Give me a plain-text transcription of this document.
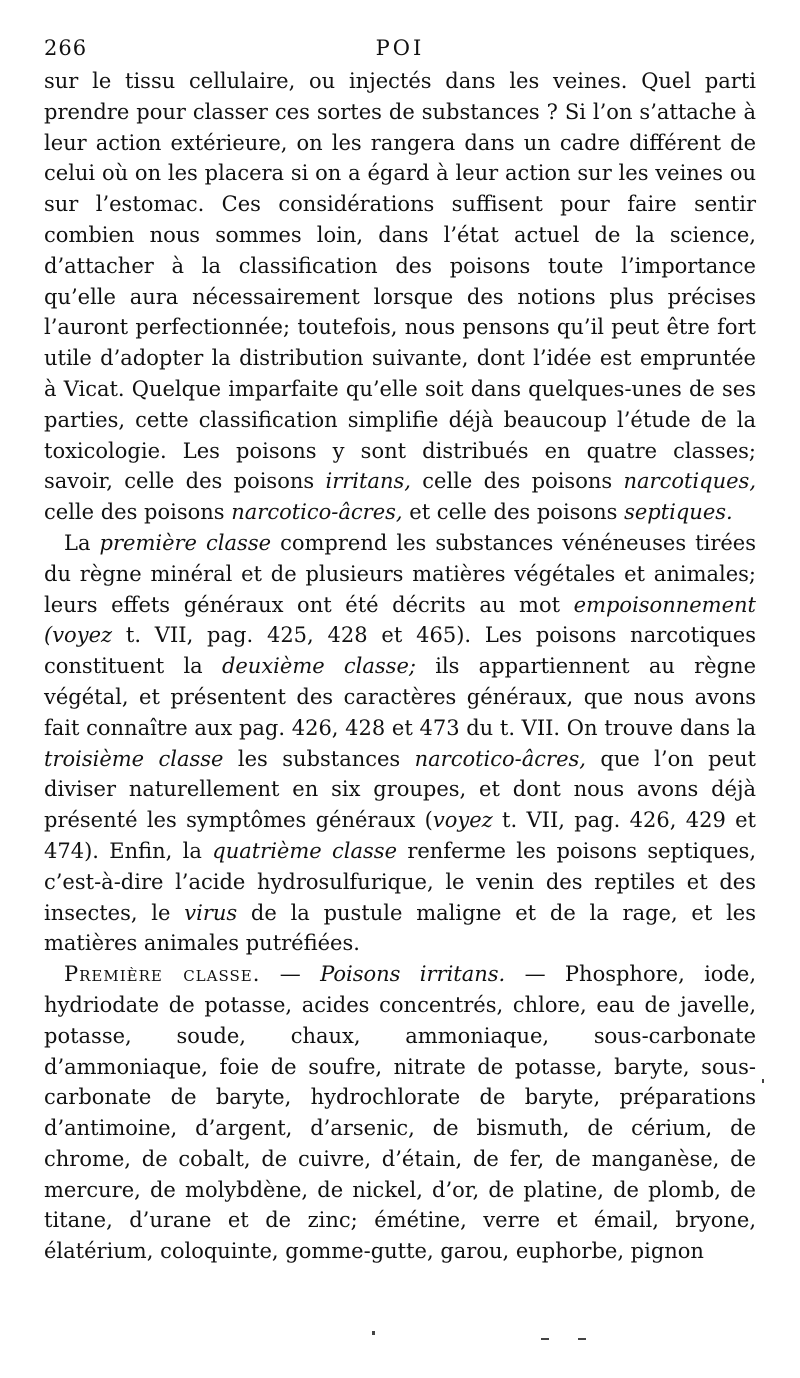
266	POI

sur le tissu cellulaire, ou injectés dans les veines. Quel parti prendre pour classer ces sortes de substances ? Si l’on s’attache à leur action extérieure, on les rangera dans un cadre différent de celui où on les placera si on a égard à leur action sur les veines ou sur l’estomac. Ces considérations suffisent pour faire sentir combien nous sommes loin, dans l’état actuel de la science, d’attacher à la classification des poisons toute l’importance qu’elle aura nécessairement lorsque des notions plus précises l’auront perfectionnée; toutefois, nous pensons qu’il peut être fort utile d’adopter la distribution suivante, dont l’idée est empruntée à Vicat. Quelque imparfaite qu’elle soit dans quelques-unes de ses parties, cette classification simplifie déjà beaucoup l’étude de la toxicologie. Les poisons y sont distribués en quatre classes; savoir, celle des poisons irritans, celle des poisons narcotiques, celle des poisons narcotico-âcres, et celle des poisons septiques.

La première classe comprend les substances vénéneuses tirées du règne minéral et de plusieurs matières végétales et animales; leurs effets généraux ont été décrits au mot empoisonnement (voyez t. VII, pag. 425, 428 et 465). Les poisons narcotiques constituent la deuxième classe; ils appartiennent au règne végétal, et présentent des caractères généraux, que nous avons fait connaître aux pag. 426, 428 et 473 du t. VII. On trouve dans la troisième classe les substances narcotico-âcres, que l’on peut diviser naturellement en six groupes, et dont nous avons déjà présenté les symptômes généraux (voyez t. VII, pag. 426, 429 et 474). Enfin, la quatrième classe renferme les poisons septiques, c’est-à-dire l’acide hydrosulfurique, le venin des reptiles et des insectes, le virus de la pustule maligne et de la rage, et les matières animales putréfiées.

Première classe. — Poisons irritans. — Phosphore, iode, hydriodate de potasse, acides concentrés, chlore, eau de javelle, potasse, soude, chaux, ammoniaque, sous-carbonate d’ammoniaque, foie de soufre, nitrate de potasse, baryte, sous-carbonate de baryte, hydrochlorate de baryte, préparations d’antimoine, d’argent, d’arsenic, de bismuth, de cérium, de chrome, de cobalt, de cuivre, d’étain, de fer, de manganèse, de mercure, de molybdène, de nickel, d’or, de platine, de plomb, de titane, d’urane et de zinc; émétine, verre et émail, bryone, élatérium, coloquinte, gomme-gutte, garou, euphorbe, pignon
